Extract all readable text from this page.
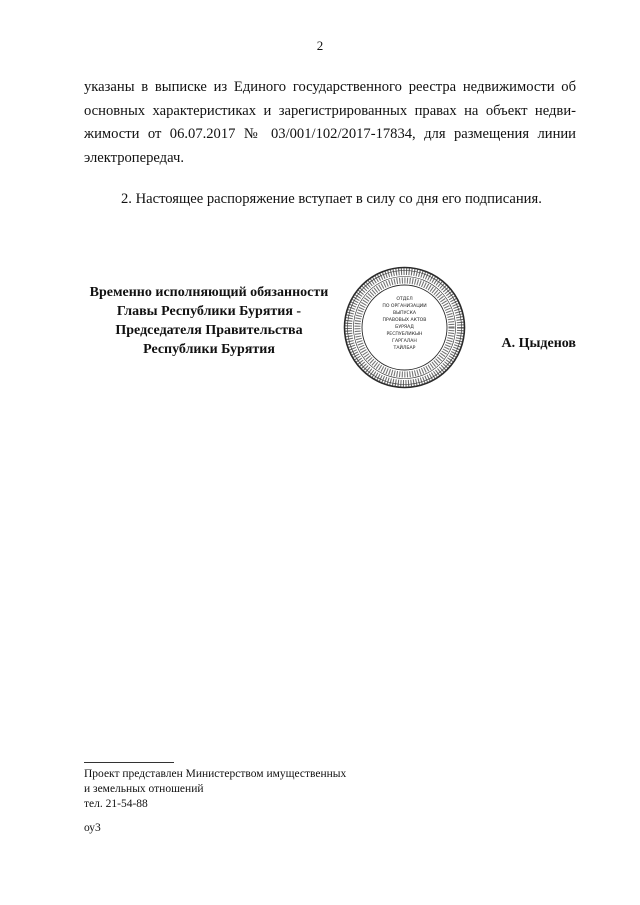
2

указаны в выписке из Единого государственного реестра недвижимости об основных характеристиках и зарегистрированных правах на объект недви-жимости от 06.07.2017 № 03/001/102/2017-17834, для размещения линии электропередач.

2. Настоящее распоряжение вступает в силу со дня его подписания.

Временно исполняющий обязанности
Главы Республики Бурятия -
Председателя Правительства
Республики Бурятия
ОТДЕЛ
ПО ОРГАНИЗАЦИИ
ВЫПУСКА
ПРАВОВЫХ АКТОВ
БУРЯАД
РЕСПУБЛИКЫН
ГАРГАЛАН
ТАЙЛБАР	А. Цыденов
Проект представлен Министерством имущественных
и земельных отношений
тел. 21-54-88
оу3
